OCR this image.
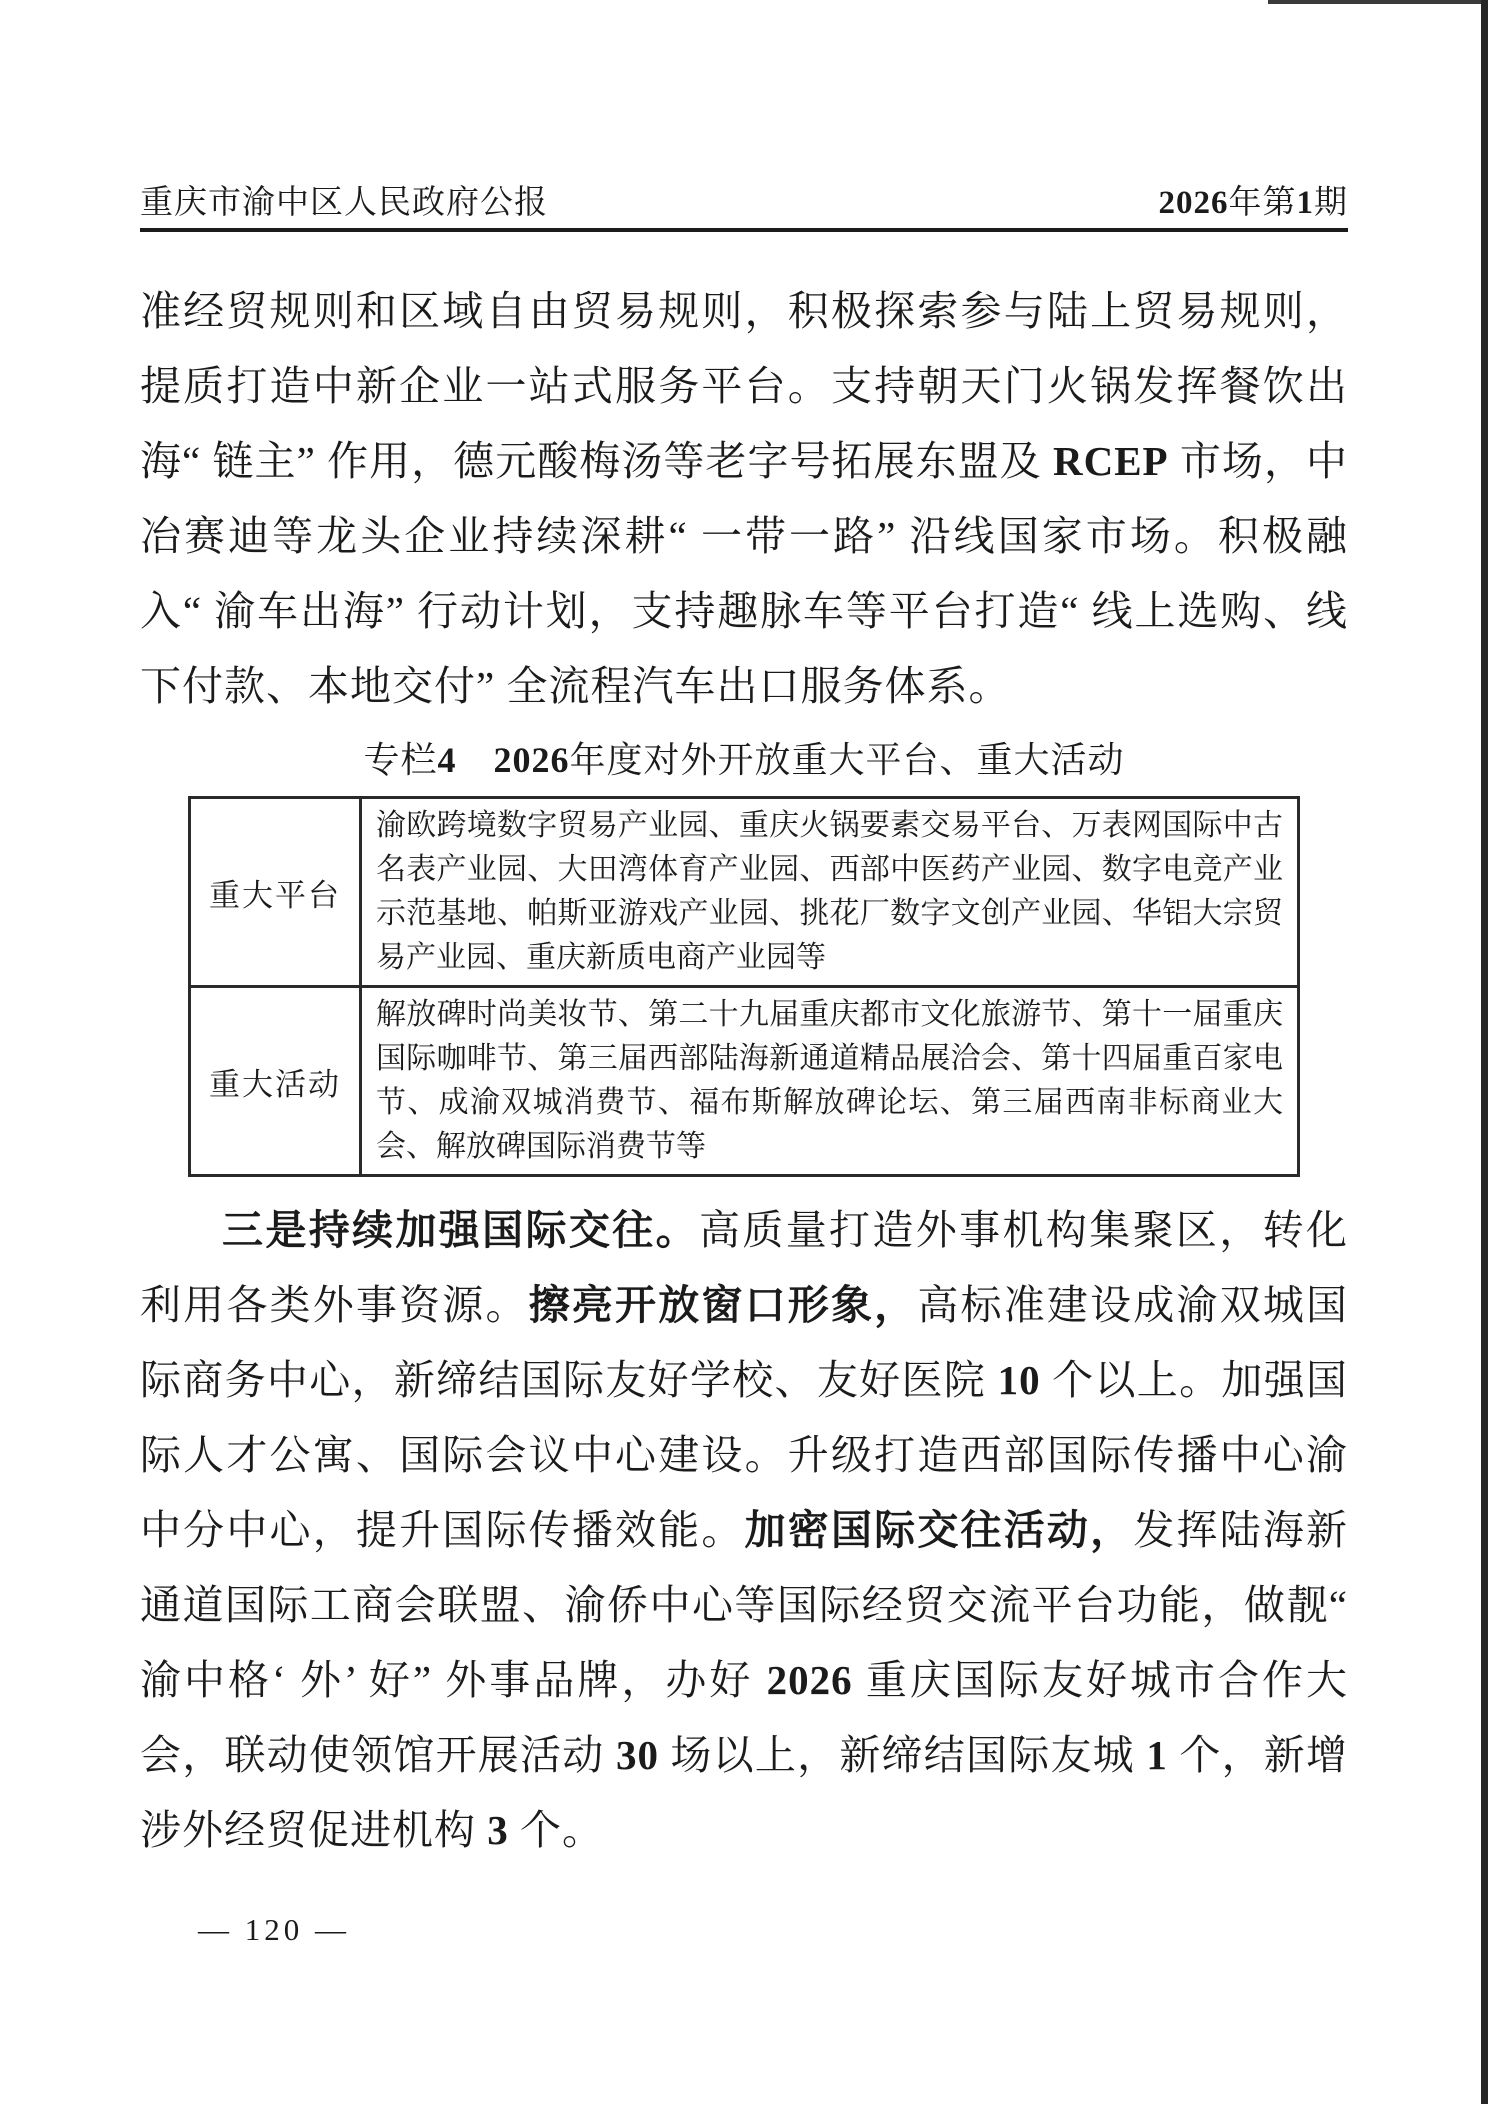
重庆市渝中区人民政府公报	2026年第1期

准经贸规则和区域自由贸易规则，积极探索参与陆上贸易规则，提质打造中新企业一站式服务平台。支持朝天门火锅发挥餐饮出海“ 链主” 作用，德元酸梅汤等老字号拓展东盟及 RCEP 市场，中冶赛迪等龙头企业持续深耕“ 一带一路” 沿线国家市场。积极融入“ 渝车出海” 行动计划，支持趣脉车等平台打造“ 线上选购、线下付款、本地交付” 全流程汽车出口服务体系。

专栏4　 2026年度对外开放重大平台、重大活动
重大平台	渝欧跨境数字贸易产业园、重庆火锅要素交易平台、万表网国际中古名表产业园、大田湾体育产业园、西部中医药产业园、数字电竞产业示范基地、帕斯亚游戏产业园、挑花厂数字文创产业园、华铝大宗贸易产业园、重庆新质电商产业园等
重大活动	解放碑时尚美妆节、第二十九届重庆都市文化旅游节、第十一届重庆国际咖啡节、第三届西部陆海新通道精品展洽会、第十四届重百家电节、成渝双城消费节、福布斯解放碑论坛、第三届西南非标商业大会、解放碑国际消费节等

三是持续加强国际交往。高质量打造外事机构集聚区，转化利用各类外事资源。擦亮开放窗口形象，高标准建设成渝双城国际商务中心，新缔结国际友好学校、友好医院 10 个以上。加强国际人才公寓、国际会议中心建设。升级打造西部国际传播中心渝中分中心，提升国际传播效能。加密国际交往活动，发挥陆海新通道国际工商会联盟、渝侨中心等国际经贸交流平台功能，做靓“ 渝中格‘ 外’ 好” 外事品牌，办好 2026 重庆国际友好城市合作大会，联动使领馆开展活动 30 场以上，新缔结国际友城 1 个，新增涉外经贸促进机构 3 个。

— 120 —
